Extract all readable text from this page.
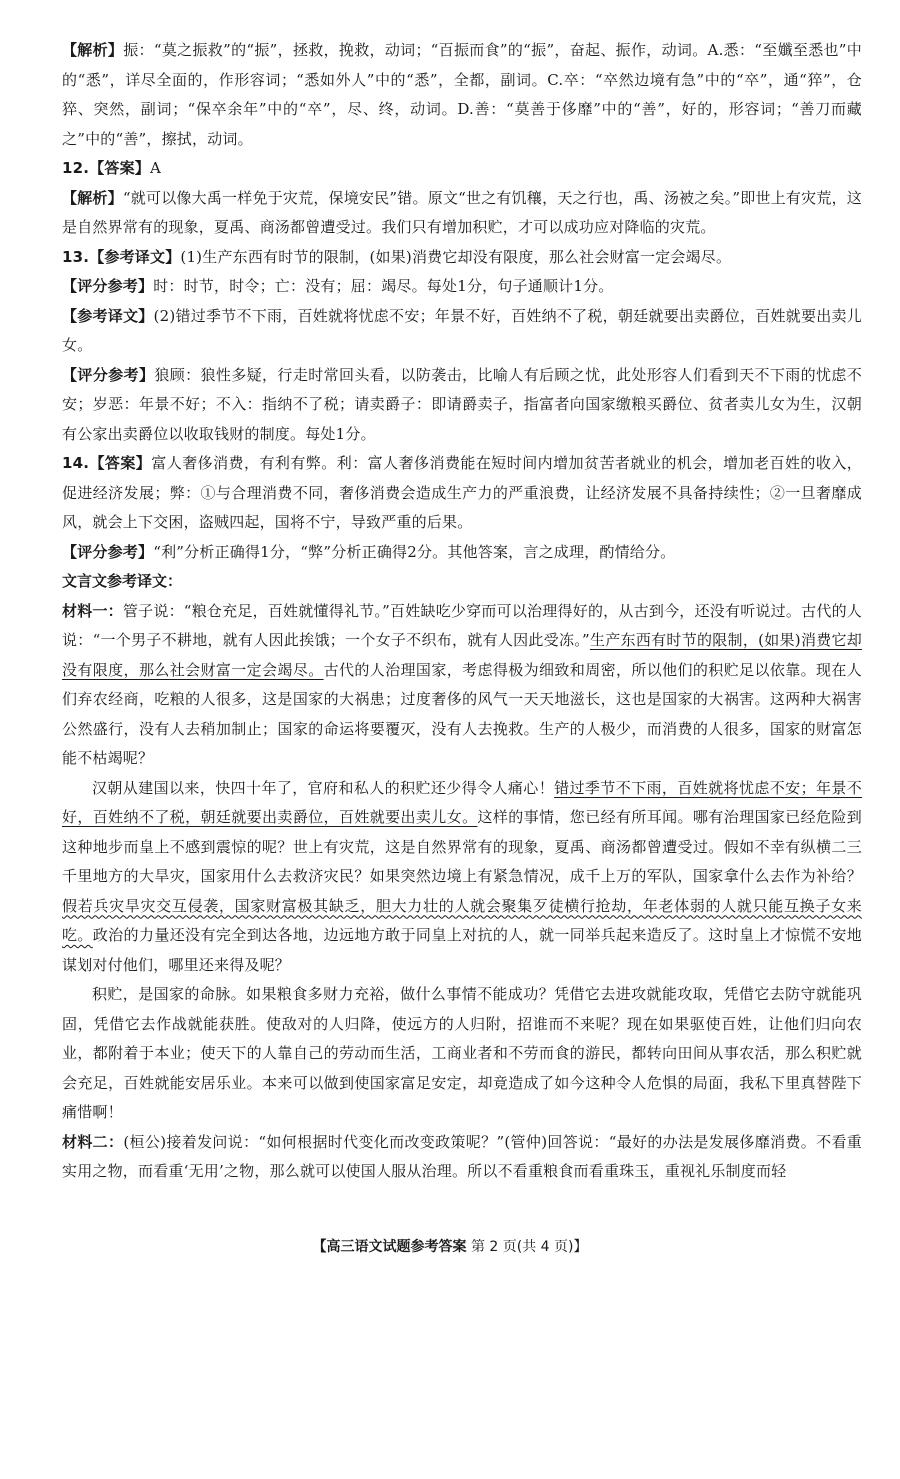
【解析】振：“莫之振救”的“振”，拯救，挽救，动词；“百振而食”的“振”，奋起、振作，动词。A.悉：“至孅至悉也”中的“悉”，详尽全面的，作形容词；“悉如外人”中的“悉”，全都，副词。C.卒：“卒然边境有急”中的“卒”，通“猝”，仓猝、突然，副词；“保卒余年”中的“卒”，尽、终，动词。D.善：“莫善于侈靡”中的“善”，好的，形容词；“善刀而藏之”中的“善”，擦拭，动词。

12.【答案】A

【解析】“就可以像大禹一样免于灾荒，保境安民”错。原文“世之有饥穰，天之行也，禹、汤被之矣。”即世上有灾荒，这是自然界常有的现象，夏禹、商汤都曾遭受过。我们只有增加积贮，才可以成功应对降临的灾荒。

13.【参考译文】(1)生产东西有时节的限制，(如果)消费它却没有限度，那么社会财富一定会竭尽。

【评分参考】时：时节，时令；亡：没有；屈：竭尽。每处1分，句子通顺计1分。

【参考译文】(2)错过季节不下雨，百姓就将忧虑不安；年景不好，百姓纳不了税，朝廷就要出卖爵位，百姓就要出卖儿女。

【评分参考】狼顾：狼性多疑，行走时常回头看，以防袭击，比喻人有后顾之忧，此处形容人们看到天不下雨的忧虑不安；岁恶：年景不好；不入：指纳不了税；请卖爵子：即请爵卖子，指富者向国家缴粮买爵位、贫者卖儿女为生，汉朝有公家出卖爵位以收取钱财的制度。每处1分。

14.【答案】富人奢侈消费，有利有弊。利：富人奢侈消费能在短时间内增加贫苦者就业的机会，增加老百姓的收入，促进经济发展；弊：①与合理消费不同，奢侈消费会造成生产力的严重浪费，让经济发展不具备持续性；②一旦奢靡成风，就会上下交困，盗贼四起，国将不宁，导致严重的后果。

【评分参考】“利”分析正确得1分，“弊”分析正确得2分。其他答案，言之成理，酌情给分。

文言文参考译文：

材料一：管子说：“粮仓充足，百姓就懂得礼节。”百姓缺吃少穿而可以治理得好的，从古到今，还没有听说过。古代的人说：“一个男子不耕地，就有人因此挨饿；一个女子不织布，就有人因此受冻。”生产东西有时节的限制，(如果)消费它却没有限度，那么社会财富一定会竭尽。古代的人治理国家，考虑得极为细致和周密，所以他们的积贮足以依靠。现在人们弃农经商，吃粮的人很多，这是国家的大祸患；过度奢侈的风气一天天地滋长，这也是国家的大祸害。这两种大祸害公然盛行，没有人去稍加制止；国家的命运将要覆灭，没有人去挽救。生产的人极少，而消费的人很多，国家的财富怎能不枯竭呢？

汉朝从建国以来，快四十年了，官府和私人的积贮还少得令人痛心！错过季节不下雨，百姓就将忧虑不安；年景不好，百姓纳不了税，朝廷就要出卖爵位，百姓就要出卖儿女。这样的事情，您已经有所耳闻。哪有治理国家已经危险到这种地步而皇上不感到震惊的呢？世上有灾荒，这是自然界常有的现象，夏禹、商汤都曾遭受过。假如不幸有纵横二三千里地方的大旱灾，国家用什么去救济灾民？如果突然边境上有紧急情况，成千上万的军队，国家拿什么去作为补给？假若兵灾旱灾交互侵袭，国家财富极其缺乏，胆大力壮的人就会聚集歹徒横行抢劫，年老体弱的人就只能互换子女来吃。政治的力量还没有完全到达各地，边远地方敢于同皇上对抗的人，就一同举兵起来造反了。这时皇上才惊慌不安地谋划对付他们，哪里还来得及呢？

积贮，是国家的命脉。如果粮食多财力充裕，做什么事情不能成功？凭借它去进攻就能攻取，凭借它去防守就能巩固，凭借它去作战就能获胜。使敌对的人归降，使远方的人归附，招谁而不来呢？现在如果驱使百姓，让他们归向农业，都附着于本业；使天下的人靠自己的劳动而生活，工商业者和不劳而食的游民，都转向田间从事农活，那么积贮就会充足，百姓就能安居乐业。本来可以做到使国家富足安定，却竟造成了如今这种令人危惧的局面，我私下里真替陛下痛惜啊！

材料二：(桓公)接着发问说：“如何根据时代变化而改变政策呢？”(管仲)回答说：“最好的办法是发展侈靡消费。不看重实用之物，而看重‘无用’之物，那么就可以使国人服从治理。所以不看重粮食而看重珠玉，重视礼乐制度而轻

【高三语文试题参考答案 第 2 页(共 4 页)】
